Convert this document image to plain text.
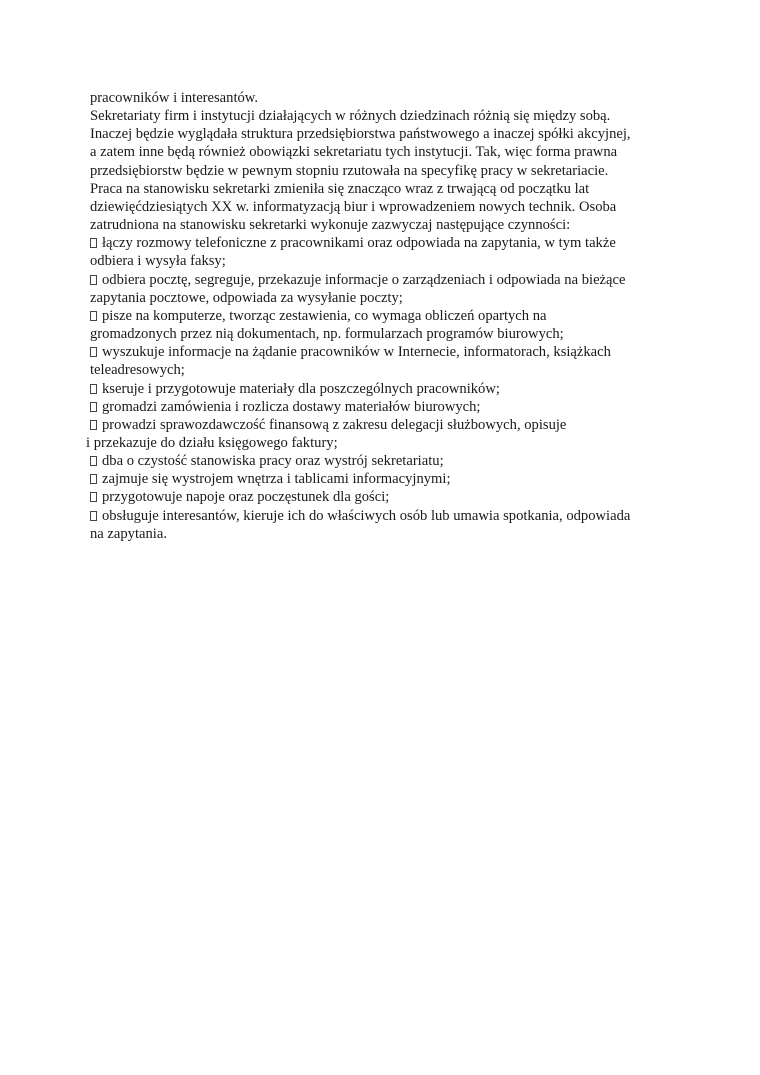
pracowników i interesantów.
Sekretariaty firm i instytucji działających w różnych dziedzinach różnią się między sobą.
Inaczej będzie wyglądała struktura przedsiębiorstwa państwowego a inaczej spółki akcyjnej,
a zatem inne będą również obowiązki sekretariatu tych instytucji. Tak, więc forma prawna
przedsiębiorstw będzie w pewnym stopniu rzutowała na specyfikę pracy w sekretariacie.
Praca na stanowisku sekretarki zmieniła się znacząco wraz z trwającą od początku lat
dziewięćdziesiątych XX w. informatyzacją biur i wprowadzeniem nowych technik. Osoba
zatrudniona na stanowisku sekretarki wykonuje zazwyczaj następujące czynności:
łączy rozmowy telefoniczne z pracownikami oraz odpowiada na zapytania, w tym także
odbiera i wysyła faksy;
odbiera pocztę, segreguje, przekazuje informacje o zarządzeniach i odpowiada na bieżące
zapytania pocztowe, odpowiada za wysyłanie poczty;
pisze na komputerze, tworząc zestawienia, co wymaga obliczeń opartych na
gromadzonych przez nią dokumentach, np. formularzach programów biurowych;
wyszukuje informacje na żądanie pracowników w Internecie, informatorach, książkach
teleadresowych;
kseruje i przygotowuje materiały dla poszczególnych pracowników;
gromadzi zamówienia i rozlicza dostawy materiałów biurowych;
prowadzi sprawozdawczość finansową z zakresu delegacji służbowych, opisuje
i przekazuje do działu księgowego faktury;
dba o czystość stanowiska pracy oraz wystrój sekretariatu;
zajmuje się wystrojem wnętrza i tablicami informacyjnymi;
przygotowuje napoje oraz poczęstunek dla gości;
obsługuje interesantów, kieruje ich do właściwych osób lub umawia spotkania, odpowiada
na zapytania.
